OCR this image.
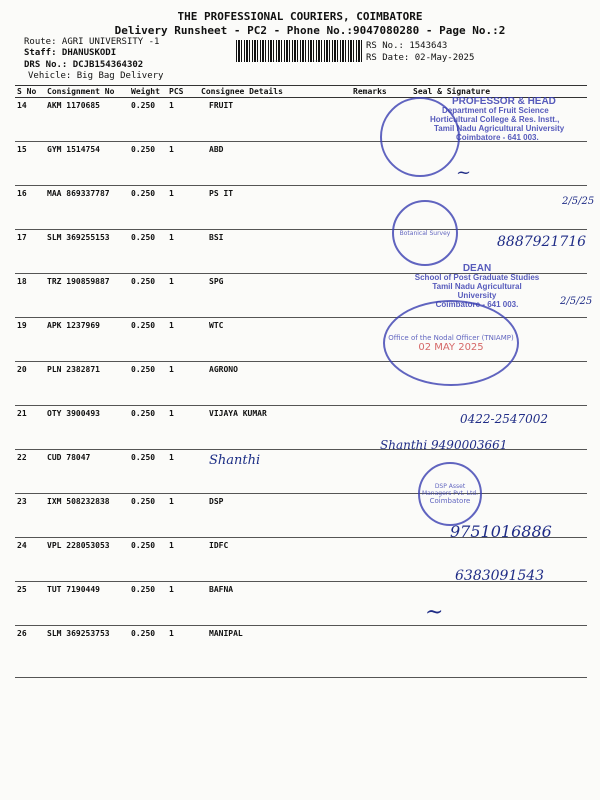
THE PROFESSIONAL COURIERS, COIMBATORE
Delivery Runsheet - PC2 - Phone No.:9047080280 - Page No.:2
Route: AGRI UNIVERSITY -1
Staff: DHANUSKODI
DRS No.: DCJB154364302
Vehicle: Big Bag Delivery
RS No.: 1543643
RS Date: 02-May-2025
S No	Consignment No	Weight	PCS	Consignee Details	Remarks	Seal & Signature
14	AKM 1170685	0.250	1	FRUIT		
15	GYM 1514754	0.250	1	ABD		
16	MAA 869337787	0.250	1	PS IT		
17	SLM 369255153	0.250	1	BSI		
18	TRZ 190859887	0.250	1	SPG		
19	APK 1237969	0.250	1	WTC		
20	PLN 2382871	0.250	1	AGRONO		
21	OTY 3900493	0.250	1	VIJAYA KUMAR		
22	CUD 78047	0.250	1	Shanthi		
23	IXM 508232838	0.250	1	DSP		
24	VPL 228053053	0.250	1	IDFC		
25	TUT 7190449	0.250	1	BAFNA		
26	SLM 369253753	0.250	1	MANIPAL		
PROFESSOR & HEAD
Department of Fruit Science
Horticultural College & Res. Instt.,
Tamil Nadu Agricultural University
Coimbatore - 641 003.
~
2/5/25
Botanical Survey
8887921716
DEAN
School of Post Graduate Studies
Tamil Nadu Agricultural University
Coimbatore - 641 003.	2/5/25
Office of the Nodal Officer (TNIAMP)
02 MAY 2025
0422-2547002
Shanthi 9490003661
DSP Asset Managers Pvt. Ltd.
Coimbatore
9751016886
6383091543
~
